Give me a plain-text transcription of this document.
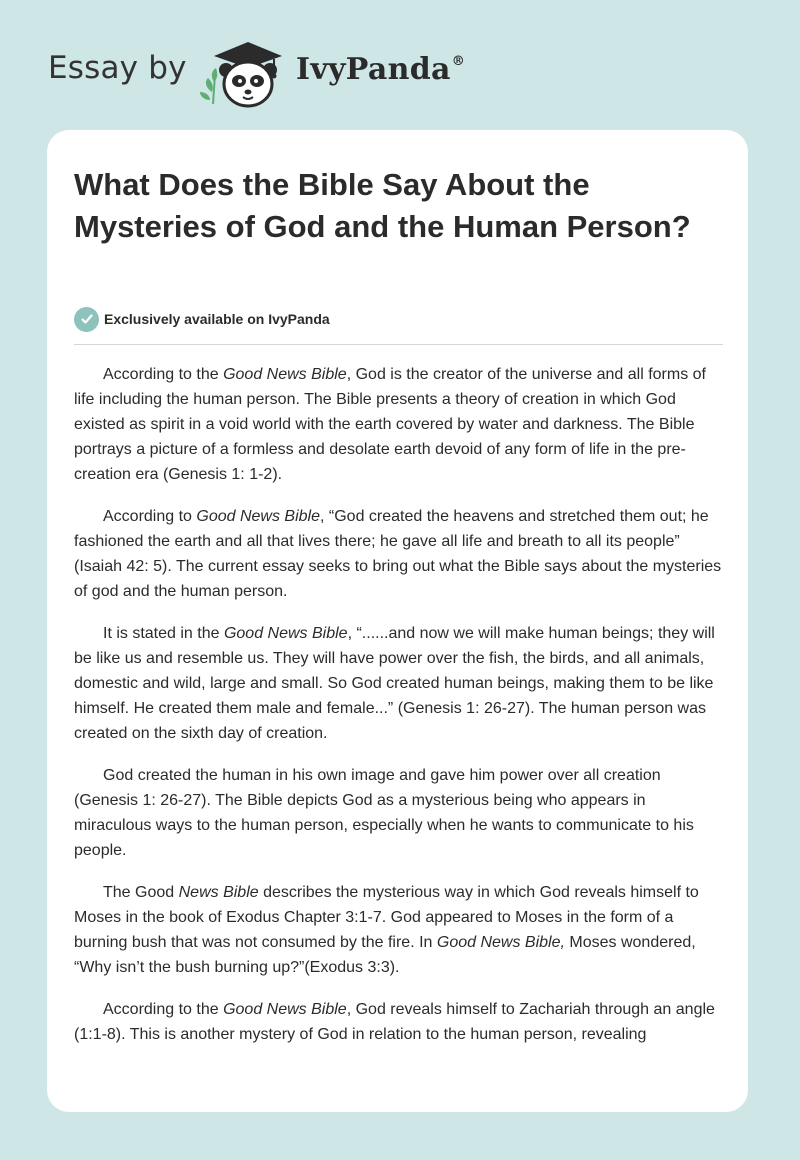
Essay by	IvyPanda®
What Does the Bible Say About the Mysteries of God and the Human Person?
Exclusively available on IvyPanda

According to the Good News Bible, God is the creator of the universe and all forms of life including the human person. The Bible presents a theory of creation in which God existed as spirit in a void world with the earth covered by water and darkness. The Bible portrays a picture of a formless and desolate earth devoid of any form of life in the pre-creation era (Genesis 1: 1-2).

According to Good News Bible, “God created the heavens and stretched them out; he fashioned the earth and all that lives there; he gave all life and breath to all its people” (Isaiah 42: 5). The current essay seeks to bring out what the Bible says about the mysteries of god and the human person.

It is stated in the Good News Bible, “......and now we will make human beings; they will be like us and resemble us. They will have power over the fish, the birds, and all animals, domestic and wild, large and small. So God created human beings, making them to be like himself. He created them male and female...” (Genesis 1: 26-27). The human person was created on the sixth day of creation.

God created the human in his own image and gave him power over all creation (Genesis 1: 26-27). The Bible depicts God as a mysterious being who appears in miraculous ways to the human person, especially when he wants to communicate to his people.

The Good News Bible describes the mysterious way in which God reveals himself to Moses in the book of Exodus Chapter 3:1-7. God appeared to Moses in the form of a burning bush that was not consumed by the fire. In Good News Bible, Moses wondered, “Why isn’t the bush burning up?”(Exodus 3:3).

According to the Good News Bible, God reveals himself to Zachariah through an angle (1:1-8). This is another mystery of God in relation to the human person, revealing
